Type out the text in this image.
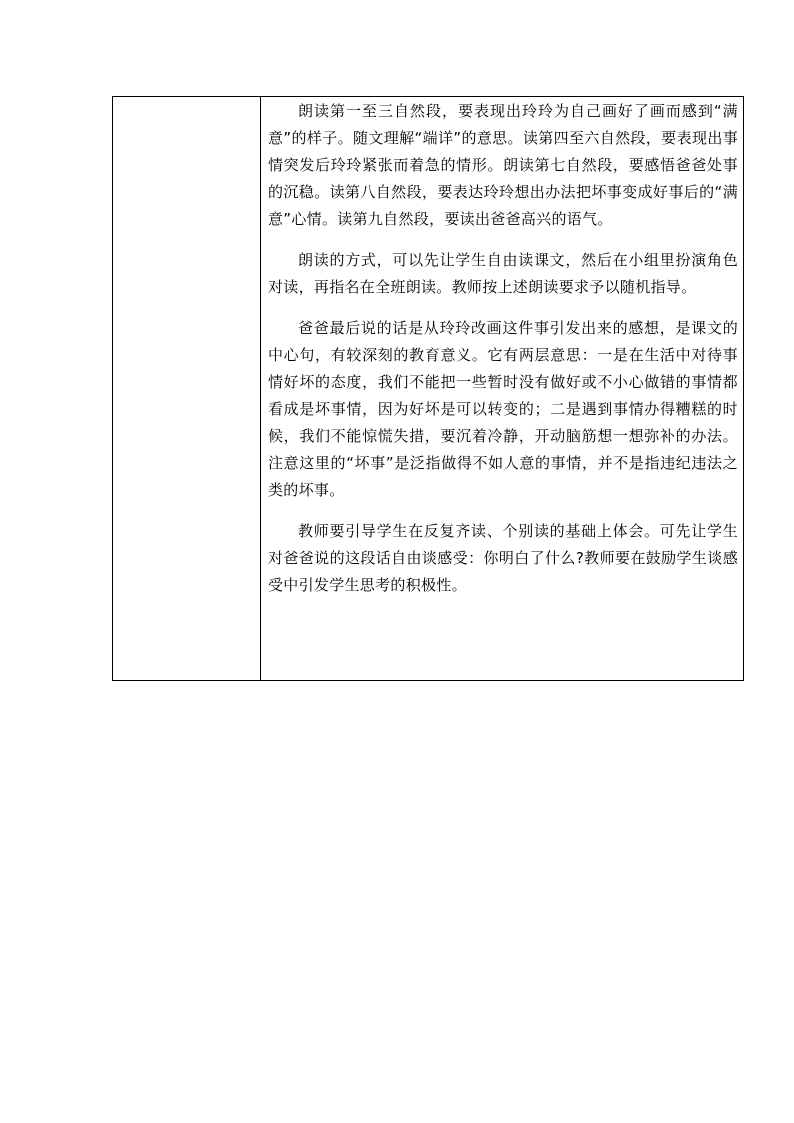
朗读第一至三自然段，要表现出玲玲为自己画好了画而感到“满意”的样子。随文理解“端详”的意思。读第四至六自然段，要表现出事情突发后玲玲紧张而着急的情形。朗读第七自然段，要感悟爸爸处事的沉稳。读第八自然段，要表达玲玲想出办法把坏事变成好事后的“满意”心情。读第九自然段，要读出爸爸高兴的语气。

朗读的方式，可以先让学生自由读课文，然后在小组里扮演角色对读，再指名在全班朗读。教师按上述朗读要求予以随机指导。

爸爸最后说的话是从玲玲改画这件事引发出来的感想，是课文的中心句，有较深刻的教育意义。它有两层意思：一是在生活中对待事情好坏的态度，我们不能把一些暂时没有做好或不小心做错的事情都看成是坏事情，因为好坏是可以转变的；二是遇到事情办得糟糕的时候，我们不能惊慌失措，要沉着冷静，开动脑筋想一想弥补的办法。注意这里的“坏事”是泛指做得不如人意的事情，并不是指违纪违法之类的坏事。

教师要引导学生在反复齐读、个别读的基础上体会。可先让学生对爸爸说的这段话自由谈感受：你明白了什么?教师要在鼓励学生谈感受中引发学生思考的积极性。
